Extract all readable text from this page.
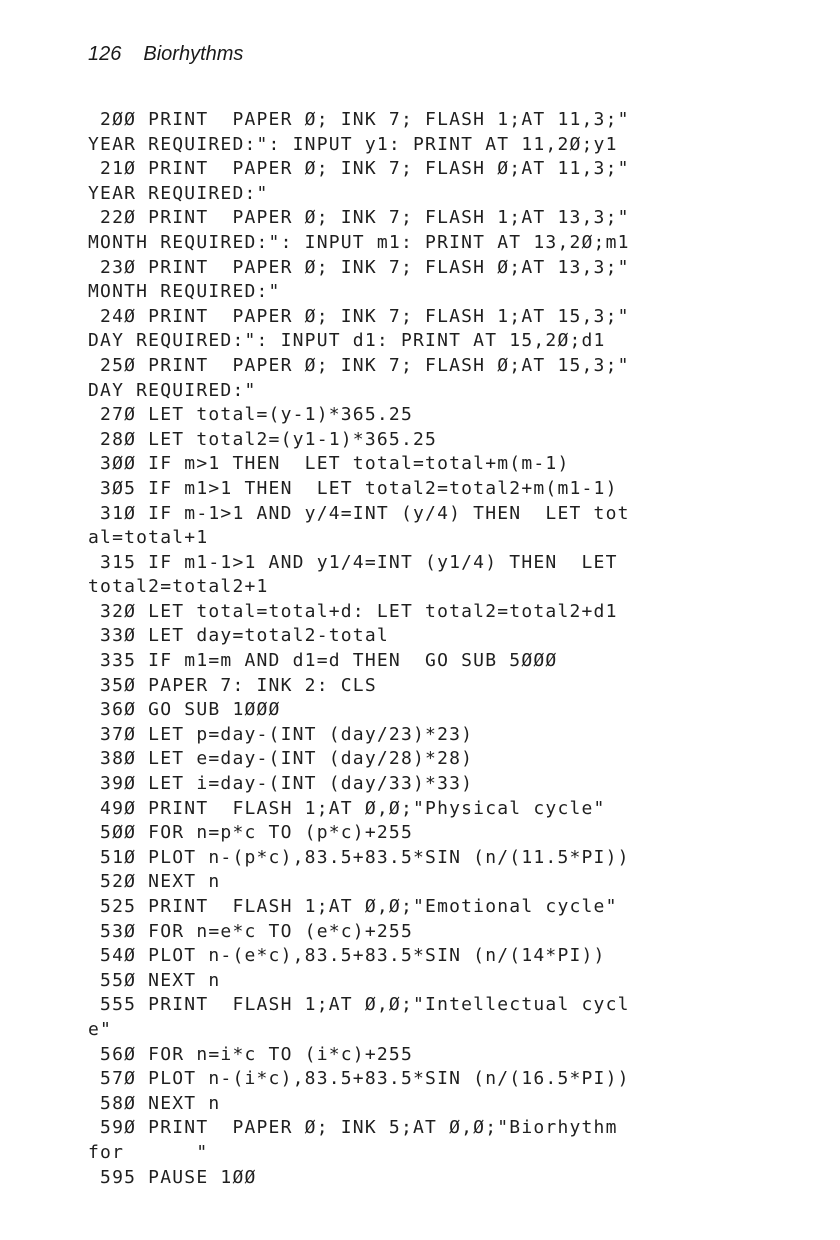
126 Biorhythms
2ØØ PRINT  PAPER Ø; INK 7; FLASH 1;AT 11,3;"
YEAR REQUIRED:": INPUT y1: PRINT AT 11,2Ø;y1
21Ø PRINT  PAPER Ø; INK 7; FLASH Ø;AT 11,3;"
YEAR REQUIRED:"
22Ø PRINT  PAPER Ø; INK 7; FLASH 1;AT 13,3;"
MONTH REQUIRED:": INPUT m1: PRINT AT 13,2Ø;m1
23Ø PRINT  PAPER Ø; INK 7; FLASH Ø;AT 13,3;"
MONTH REQUIRED:"
24Ø PRINT  PAPER Ø; INK 7; FLASH 1;AT 15,3;"
DAY REQUIRED:": INPUT d1: PRINT AT 15,2Ø;d1
25Ø PRINT  PAPER Ø; INK 7; FLASH Ø;AT 15,3;"
DAY REQUIRED:"
27Ø LET total=(y-1)*365.25
28Ø LET total2=(y1-1)*365.25
3ØØ IF m>1 THEN  LET total=total+m(m-1)
3Ø5 IF m1>1 THEN  LET total2=total2+m(m1-1)
31Ø IF m-1>1 AND y/4=INT (y/4) THEN  LET tot
al=total+1
315 IF m1-1>1 AND y1/4=INT (y1/4) THEN  LET
total2=total2+1
32Ø LET total=total+d: LET total2=total2+d1
33Ø LET day=total2-total
335 IF m1=m AND d1=d THEN  GO SUB 5ØØØ
35Ø PAPER 7: INK 2: CLS
36Ø GO SUB 1ØØØ
37Ø LET p=day-(INT (day/23)*23)
38Ø LET e=day-(INT (day/28)*28)
39Ø LET i=day-(INT (day/33)*33)
49Ø PRINT  FLASH 1;AT Ø,Ø;"Physical cycle"
5ØØ FOR n=p*c TO (p*c)+255
51Ø PLOT n-(p*c),83.5+83.5*SIN (n/(11.5*PI))
52Ø NEXT n
525 PRINT  FLASH 1;AT Ø,Ø;"Emotional cycle"
53Ø FOR n=e*c TO (e*c)+255
54Ø PLOT n-(e*c),83.5+83.5*SIN (n/(14*PI))
55Ø NEXT n
555 PRINT  FLASH 1;AT Ø,Ø;"Intellectual cycl
e"
56Ø FOR n=i*c TO (i*c)+255
57Ø PLOT n-(i*c),83.5+83.5*SIN (n/(16.5*PI))
58Ø NEXT n
59Ø PRINT  PAPER Ø; INK 5;AT Ø,Ø;"Biorhythm
for      "
595 PAUSE 1ØØ
